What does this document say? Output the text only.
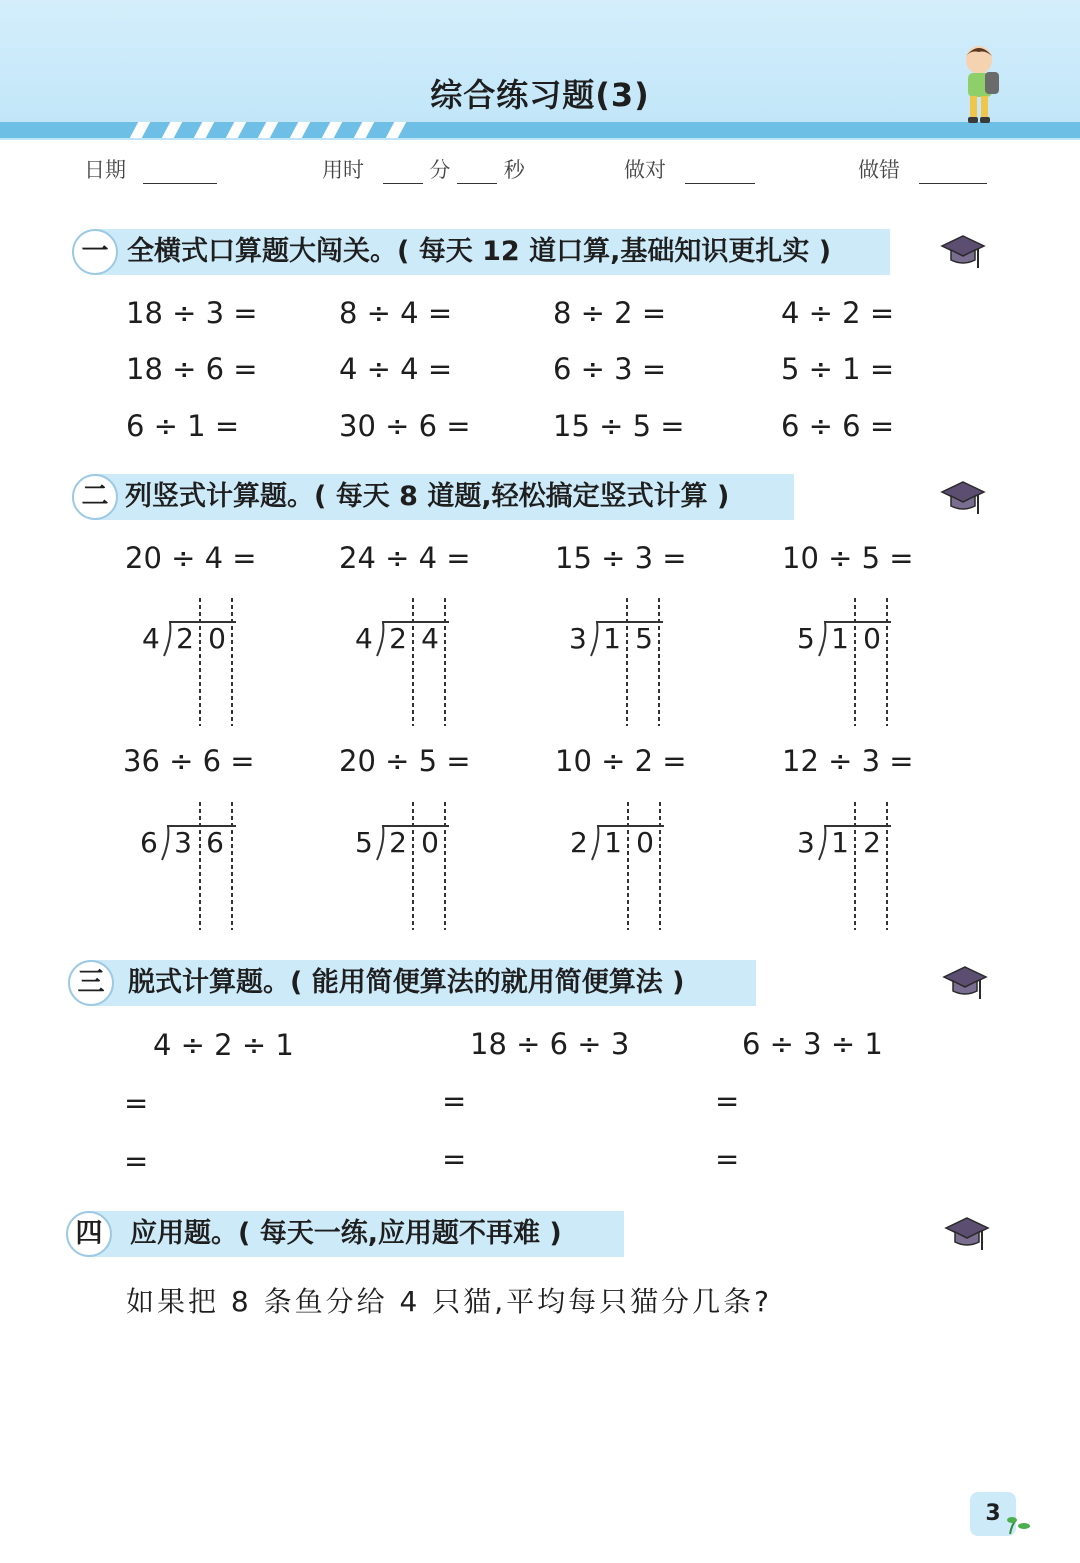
综合练习题(3)
日期	用时	分	秒	做对	做错
一 全横式口算题大闯关。( 每天 12 道口算,基础知识更扎实 )
18 ÷ 3 =	8 ÷ 4 =	8 ÷ 2 =	4 ÷ 2 =
18 ÷ 6 =	4 ÷ 4 =	6 ÷ 3 =	5 ÷ 1 =
6 ÷ 1 =	30 ÷ 6 =	15 ÷ 5 =	6 ÷ 6 =
二 列竖式计算题。( 每天 8 道题,轻松搞定竖式计算 )
20 ÷ 4 =	24 ÷ 4 =	15 ÷ 3 =	10 ÷ 5 =
4 2 0	4 2 4	3 1 5	5 1 0
36 ÷ 6 =	20 ÷ 5 =	10 ÷ 2 =	12 ÷ 3 =
6 3 6	5 2 0	2 1 0	3 1 2
三 脱式计算题。( 能用简便算法的就用简便算法 )
4 ÷ 2 ÷ 1	18 ÷ 6 ÷ 3	6 ÷ 3 ÷ 1
=	=	=
=	=	=
四	应用题。( 每天一练,应用题不再难 )
如果把 8 条鱼分给 4 只猫,平均每只猫分几条?
3
